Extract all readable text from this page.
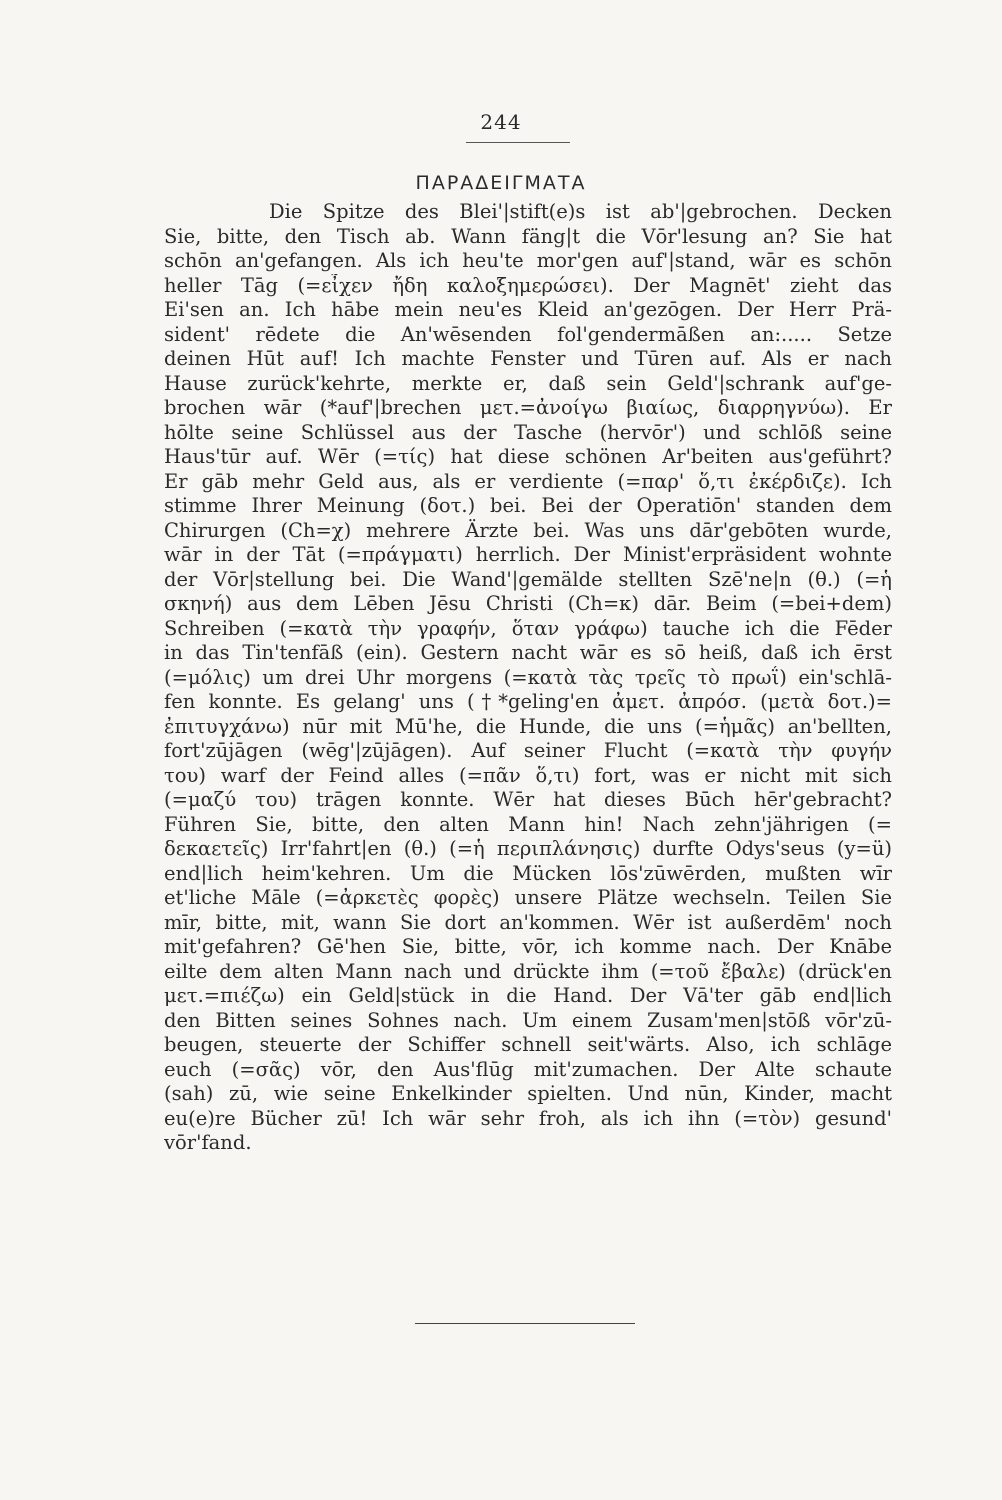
244
ΠΑΡΑΔΕΙΓΜΑΤΑ
Die Spitze des Blei'|stift(e)s ist ab'|gebrochen. Decken
Sie, bitte, den Tisch ab. Wann fäng|t die Vōr'lesung an? Sie hat
schōn an'gefangen. Als ich heu'te mor'gen auf'|stand, wār es schōn
heller Tāg (=εἶχεν ἤδη καλοξημερώσει). Der Magnēt' zieht das
Ei'sen an. Ich hābe mein neu'es Kleid an'gezōgen. Der Herr Prä-
sident' rēdete die An'wēsenden fol'gendermāßen an:..... Setze
deinen Hūt auf! Ich machte Fenster und Tūren auf. Als er nach
Hause zurück'kehrte, merkte er, daß sein Geld'|schrank auf'ge-
brochen wār (*auf'|brechen μετ.=ἀνοίγω βιαίως, διαρρηγνύω). Er
hōlte seine Schlüssel aus der Tasche (hervōr') und schlōß seine
Haus'tūr auf. Wēr (=τίς) hat diese schönen Ar'beiten aus'geführt?
Er gāb mehr Geld aus, als er verdiente (=παρ' ὅ,τι ἐκέρδιζε). Ich
stimme Ihrer Meinung (δοτ.) bei. Bei der Operatiōn' standen dem
Chirurgen (Ch=χ) mehrere Ärzte bei. Was uns dār'gebōten wurde,
wār in der Tāt (=πράγματι) herrlich. Der Minist'erpräsident wohnte
der Vōr|stellung bei. Die Wand'|gemälde stellten Szē'ne|n (θ.) (=ἡ
σκηνή) aus dem Lēben Jēsu Christi (Ch=κ) dār. Beim (=bei+dem)
Schreiben (=κατὰ τὴν γραφήν, ὅταν γράφω) tauche ich die Fēder
in das Tin'tenfāß (ein). Gestern nacht wār es sō heiß, daß ich ērst
(=μόλις) um drei Uhr morgens (=κατὰ τὰς τρεῖς τὸ πρωΐ) ein'schlā-
fen konnte. Es gelang' uns (†*geling'en ἀμετ. ἀπρόσ. (μετὰ δοτ.)=
ἐπιτυγχάνω) nūr mit Mū'he, die Hunde, die uns (=ἡμᾶς) an'bellten,
fort'zūjāgen (wēg'|zūjāgen). Auf seiner Flucht (=κατὰ τὴν φυγήν
του) warf der Feind alles (=πᾶν ὅ,τι) fort, was er nicht mit sich
(=μαζύ του) trāgen konnte. Wēr hat dieses Būch hēr'gebracht?
Führen Sie, bitte, den alten Mann hin! Nach zehn'jährigen (=
δεκαετεῖς) Irr'fahrt|en (θ.) (=ἡ περιπλάνησις) durfte Odys'seus (y=ü)
end|lich heim'kehren. Um die Mücken lōs'zūwērden, mußten wīr
et'liche Māle (=ἀρκετὲς φορὲς) unsere Plätze wechseln. Teilen Sie
mīr, bitte, mit, wann Sie dort an'kommen. Wēr ist außerdēm' noch
mit'gefahren? Gē'hen Sie, bitte, vōr, ich komme nach. Der Knābe
eilte dem alten Mann nach und drückte ihm (=τοῦ ἔβαλε) (drück'en
μετ.=πιέζω) ein Geld|stück in die Hand. Der Vā'ter gāb end|lich
den Bitten seines Sohnes nach. Um einem Zusam'men|stōß vōr'zū-
beugen, steuerte der Schiffer schnell seit'wärts. Also, ich schlāge
euch (=σᾶς) vōr, den Aus'flūg mit'zumachen. Der Alte schaute
(sah) zū, wie seine Enkelkinder spielten. Und nūn, Kinder, macht
eu(e)re Bücher zū! Ich wār sehr froh, als ich ihn (=τὸν) gesund'
vōr'fand.
